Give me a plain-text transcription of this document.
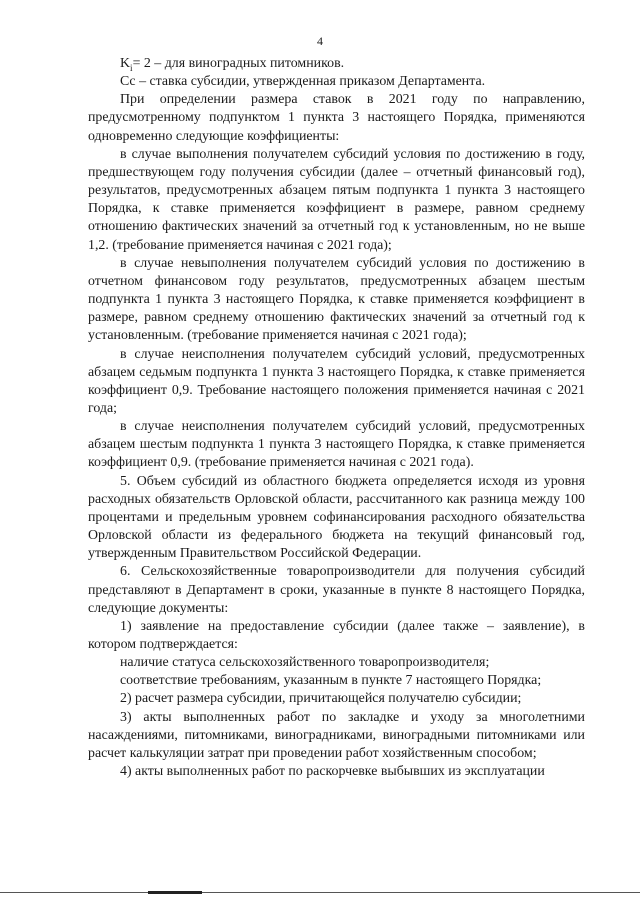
4

$K_i= 2$ – для виноградных питомников.

Сс – ставка субсидии, утвержденная приказом Департамента.

При определении размера ставок в 2021 году по направлению, предусмотренному подпунктом 1 пункта 3 настоящего Порядка, применяются одновременно следующие коэффициенты:

в случае выполнения получателем субсидий условия по достижению в году, предшествующем году получения субсидии (далее – отчетный финансовый год), результатов, предусмотренных абзацем пятым подпункта 1 пункта 3 настоящего Порядка, к ставке применяется коэффициент в размере, равном среднему отношению фактических значений за отчетный год к установленным, но не выше 1,2. (требование применяется начиная с 2021 года);

в случае невыполнения получателем субсидий условия по достижению в отчетном финансовом году результатов, предусмотренных абзацем шестым подпункта 1 пункта 3 настоящего Порядка, к ставке применяется коэффициент в размере, равном среднему отношению фактических значений за отчетный год к установленным. (требование применяется начиная с 2021 года);

в случае неисполнения получателем субсидий условий, предусмотренных абзацем седьмым подпункта 1 пункта 3 настоящего Порядка, к ставке применяется коэффициент 0,9. Требование настоящего положения применяется начиная с 2021 года;

в случае неисполнения получателем субсидий условий, предусмотренных абзацем шестым подпункта 1 пункта 3 настоящего Порядка, к ставке применяется коэффициент 0,9. (требование применяется начиная с 2021 года).

5. Объем субсидий из областного бюджета определяется исходя из уровня расходных обязательств Орловской области, рассчитанного как разница между 100 процентами и предельным уровнем софинансирования расходного обязательства Орловской области из федерального бюджета на текущий финансовый год, утвержденным Правительством Российской Федерации.

6. Сельскохозяйственные товаропроизводители для получения субсидий представляют в Департамент в сроки, указанные в пункте 8 настоящего Порядка, следующие документы:

1) заявление на предоставление субсидии (далее также – заявление), в котором подтверждается:

наличие статуса сельскохозяйственного товаропроизводителя;

соответствие требованиям, указанным в пункте 7 настоящего Порядка;

2) расчет размера субсидии, причитающейся получателю субсидии;

3) акты выполненных работ по закладке и уходу за многолетними насаждениями, питомниками, виноградниками, виноградными питомниками или расчет калькуляции затрат при проведении работ хозяйственным способом;

4) акты выполненных работ по раскорчевке выбывших из эксплуатации
